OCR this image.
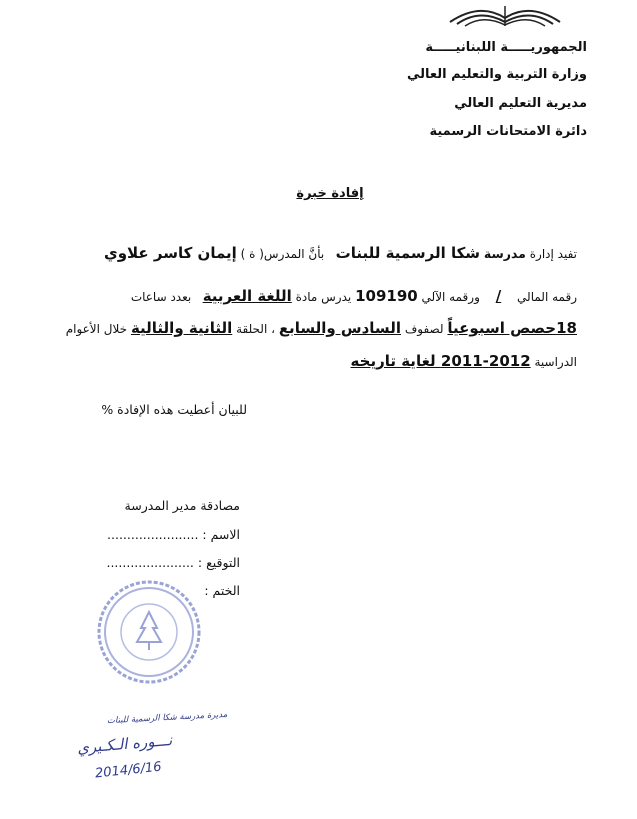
الجمهوريـــــة اللبنانيـــــة
وزارة التربية والتعليم العالي
مديرية التعليم العالي
دائرة الامتحانات الرسمية
إفادة خبرة
تفيد إدارة مدرسة شكا الرسمية للبنات   بأنَّ المدرس( ة ) إيمان كاسر علاوي
رقمه المالي / ورقمه الآلي 109190 يدرس مادة اللغة العربية   بعدد ساعات
18حصص اسبوعياً لصفوف السادس والسابع ، الحلقة الثانية والثالية خلال الأعوام
الدراسية 2012-2011 لغاية تاريخه
للبيان أعطيت هذه الإفادة %
مصادقة مدير المدرسة
الاسم : .......................
التوقيع : ......................
الختم :
مديرة مدرسة شكا الرسمية للبنات
نـــوره الـكـيري
2014/6/16
